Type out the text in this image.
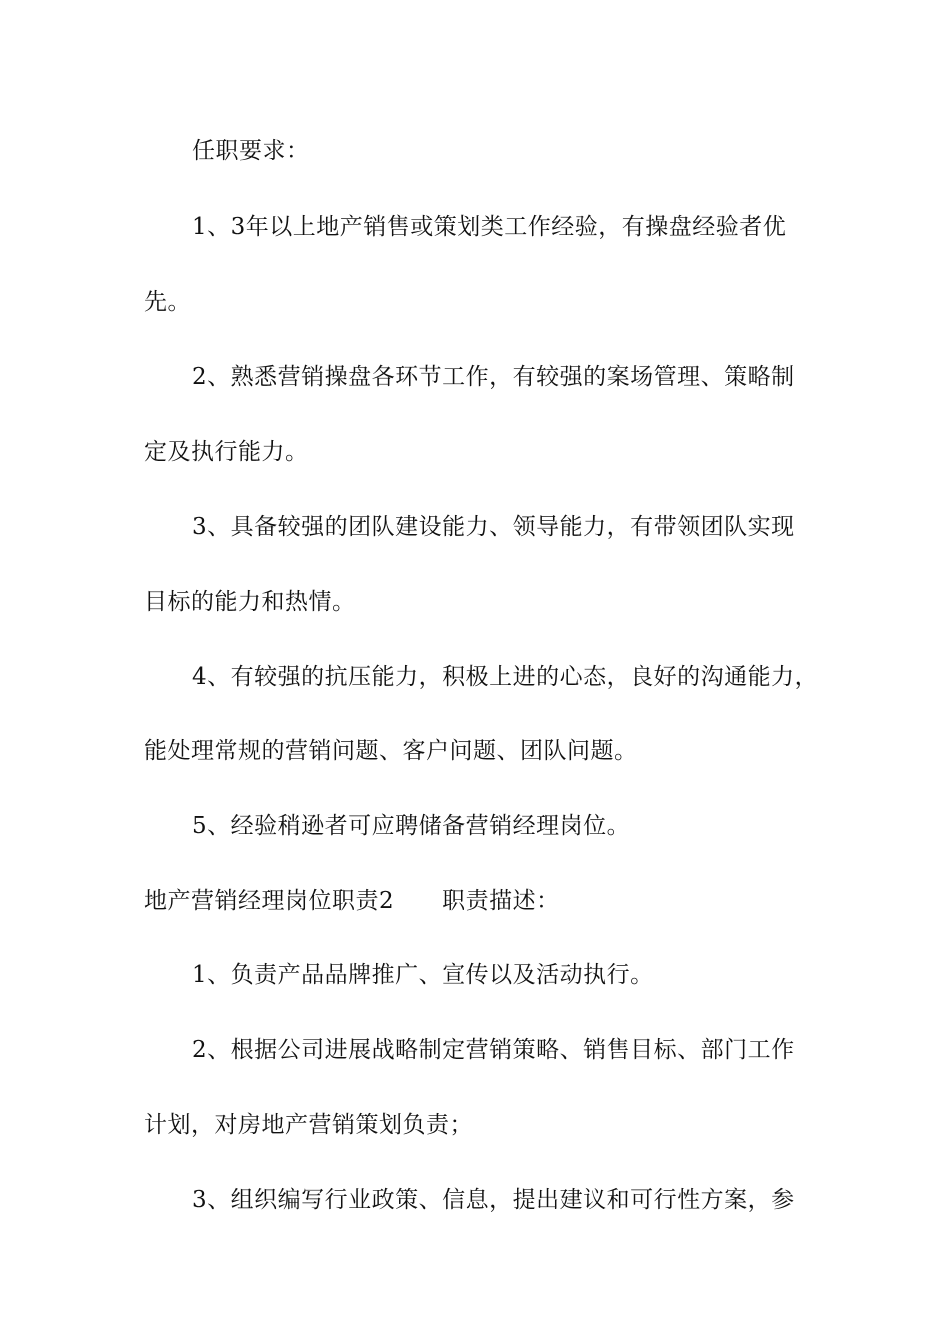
任职要求：
1、3年以上地产销售或策划类工作经验，有操盘经验者优
先。
2、熟悉营销操盘各环节工作，有较强的案场管理、策略制
定及执行能力。
3、具备较强的团队建设能力、领导能力，有带领团队实现
目标的能力和热情。
4、有较强的抗压能力，积极上进的心态，良好的沟通能力，
能处理常规的营销问题、客户问题、团队问题。
5、经验稍逊者可应聘储备营销经理岗位。
地产营销经理岗位职责2 职责描述：
1、负责产品品牌推广、宣传以及活动执行。
2、根据公司进展战略制定营销策略、销售目标、部门工作
计划，对房地产营销策划负责；
3、组织编写行业政策、信息，提出建议和可行性方案，参
